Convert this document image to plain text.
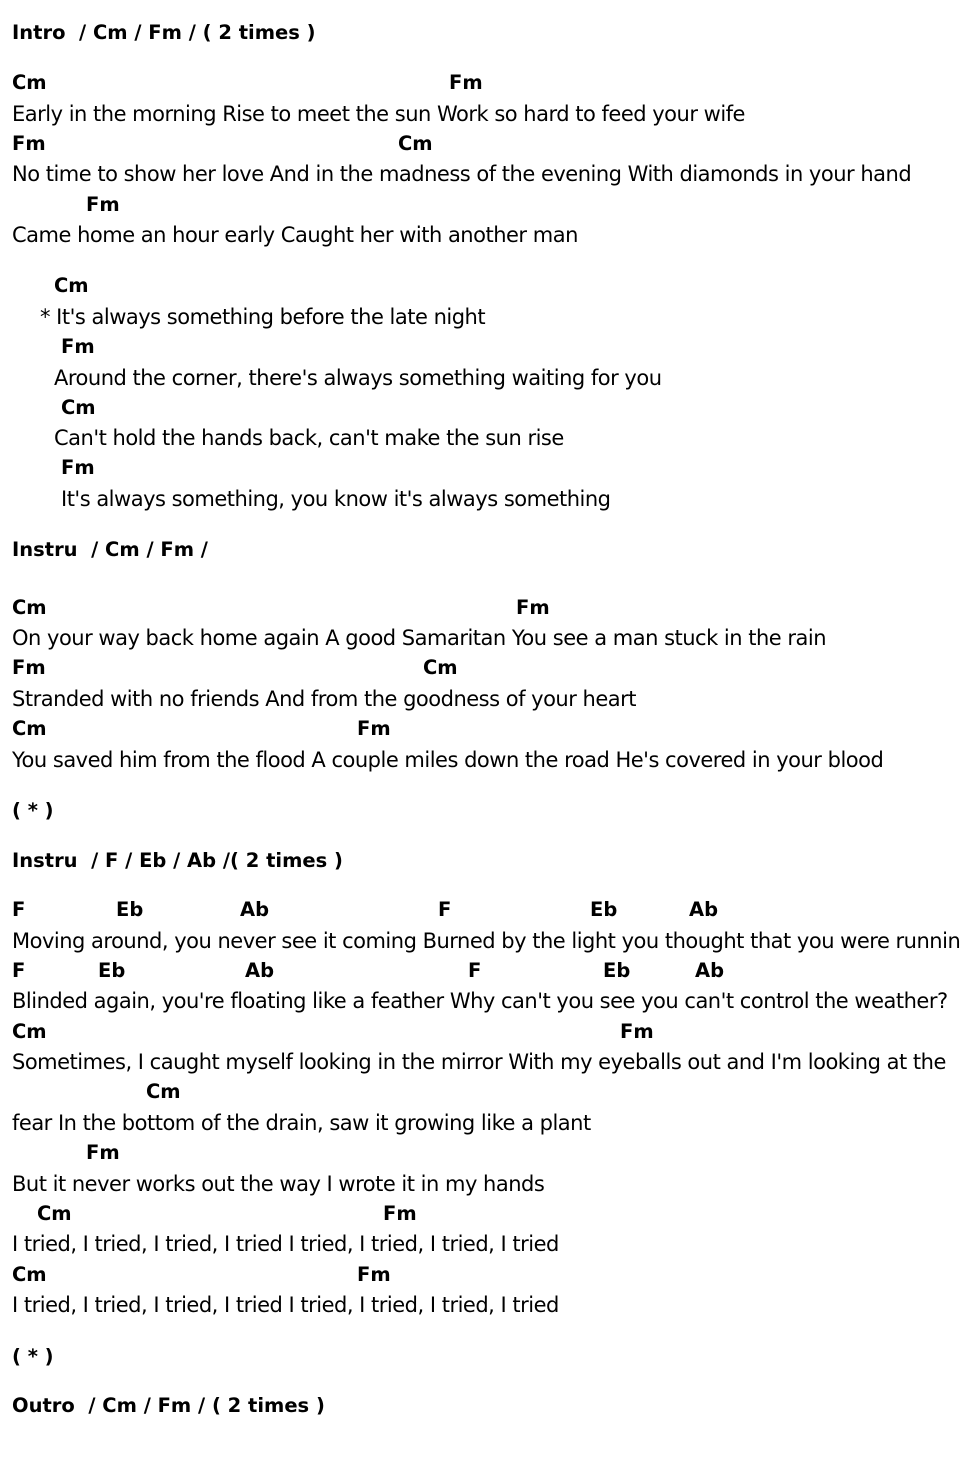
Intro  / Cm / Fm / ( 2 times )
Cm	Fm
Early in the morning Rise to meet the sun Work so hard to feed your wife
Fm	Cm
No time to show her love And in the madness of the evening With diamonds in your hand
Fm
Came home an hour early Caught her with another man
Cm
* It's always something before the late night
Fm
Around the corner, there's always something waiting for you
Cm
Can't hold the hands back, can't make the sun rise
Fm
It's always something, you know it's always something
Instru  / Cm / Fm /
Cm	Fm
On your way back home again A good Samaritan You see a man stuck in the rain
Fm	Cm
Stranded with no friends And from the goodness of your heart
Cm	Fm
You saved him from the flood A couple miles down the road He's covered in your blood
( * )
Instru  / F / Eb / Ab /( 2 times )
F	Eb	Ab	F	Eb	Ab
Moving around, you never see it coming Burned by the light you thought that you were runnin
F	Eb	Ab	F	Eb	Ab
Blinded again, you're floating like a feather Why can't you see you can't control the weather?
Cm	Fm
Sometimes, I caught myself looking in the mirror With my eyeballs out and I'm looking at the
Cm
fear In the bottom of the drain, saw it growing like a plant
Fm
But it never works out the way I wrote it in my hands
Cm	Fm
I tried, I tried, I tried, I tried I tried, I tried, I tried, I tried
Cm	Fm
I tried, I tried, I tried, I tried I tried, I tried, I tried, I tried
( * )
Outro  / Cm / Fm / ( 2 times )
